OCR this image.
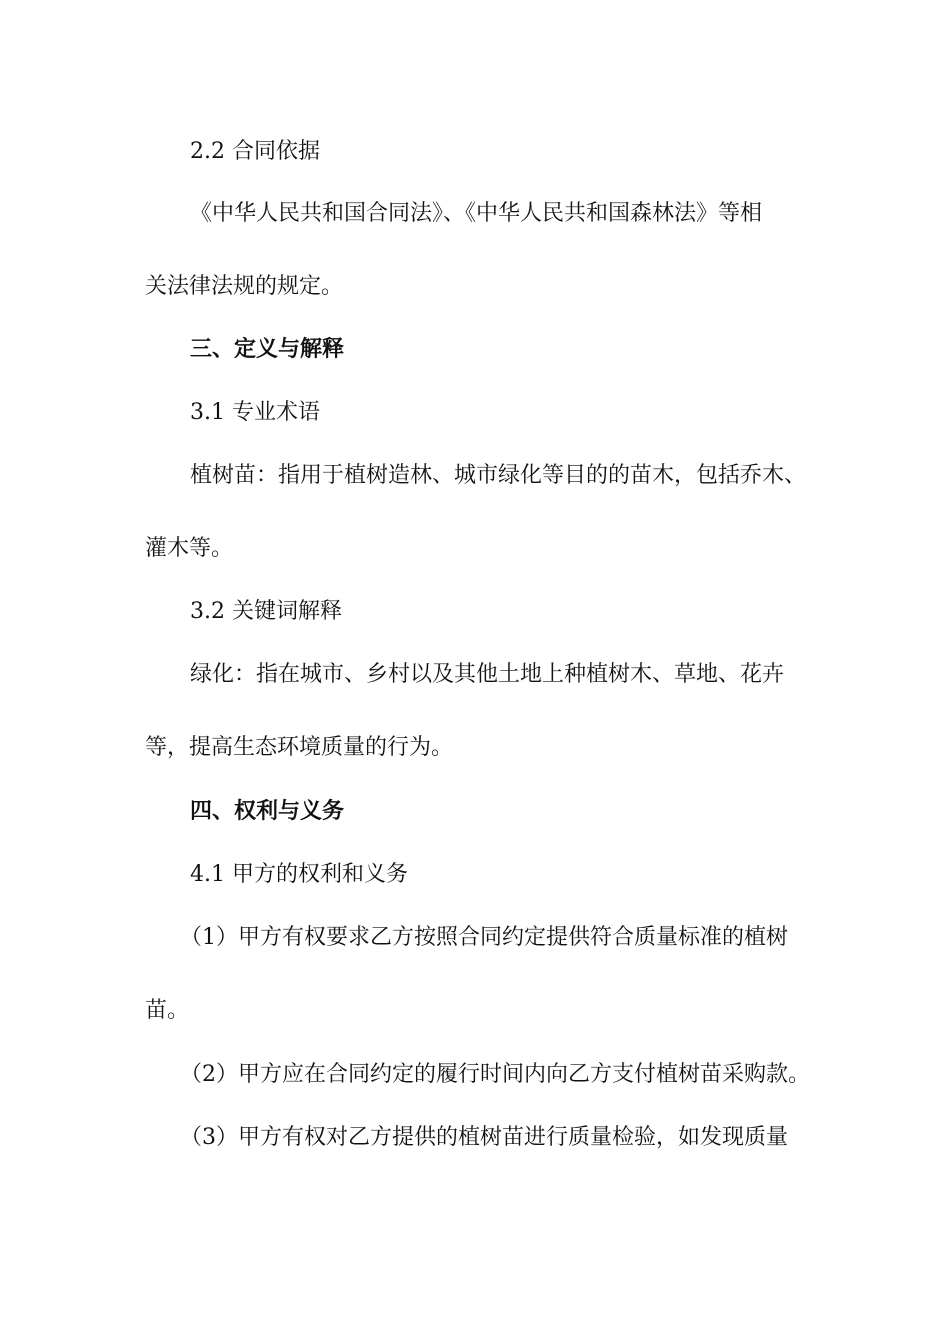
2.2 合同依据

《中华人民共和国合同法》、《中华人民共和国森林法》等相

关法律法规的规定。

三、定义与解释

3.1 专业术语

植树苗：指用于植树造林、城市绿化等目的的苗木，包括乔木、

灌木等。

3.2 关键词解释

绿化：指在城市、乡村以及其他土地上种植树木、草地、花卉

等，提高生态环境质量的行为。

四、权利与义务

4.1 甲方的权利和义务

（1）甲方有权要求乙方按照合同约定提供符合质量标准的植树

苗。

（2）甲方应在合同约定的履行时间内向乙方支付植树苗采购款。

（3）甲方有权对乙方提供的植树苗进行质量检验，如发现质量
